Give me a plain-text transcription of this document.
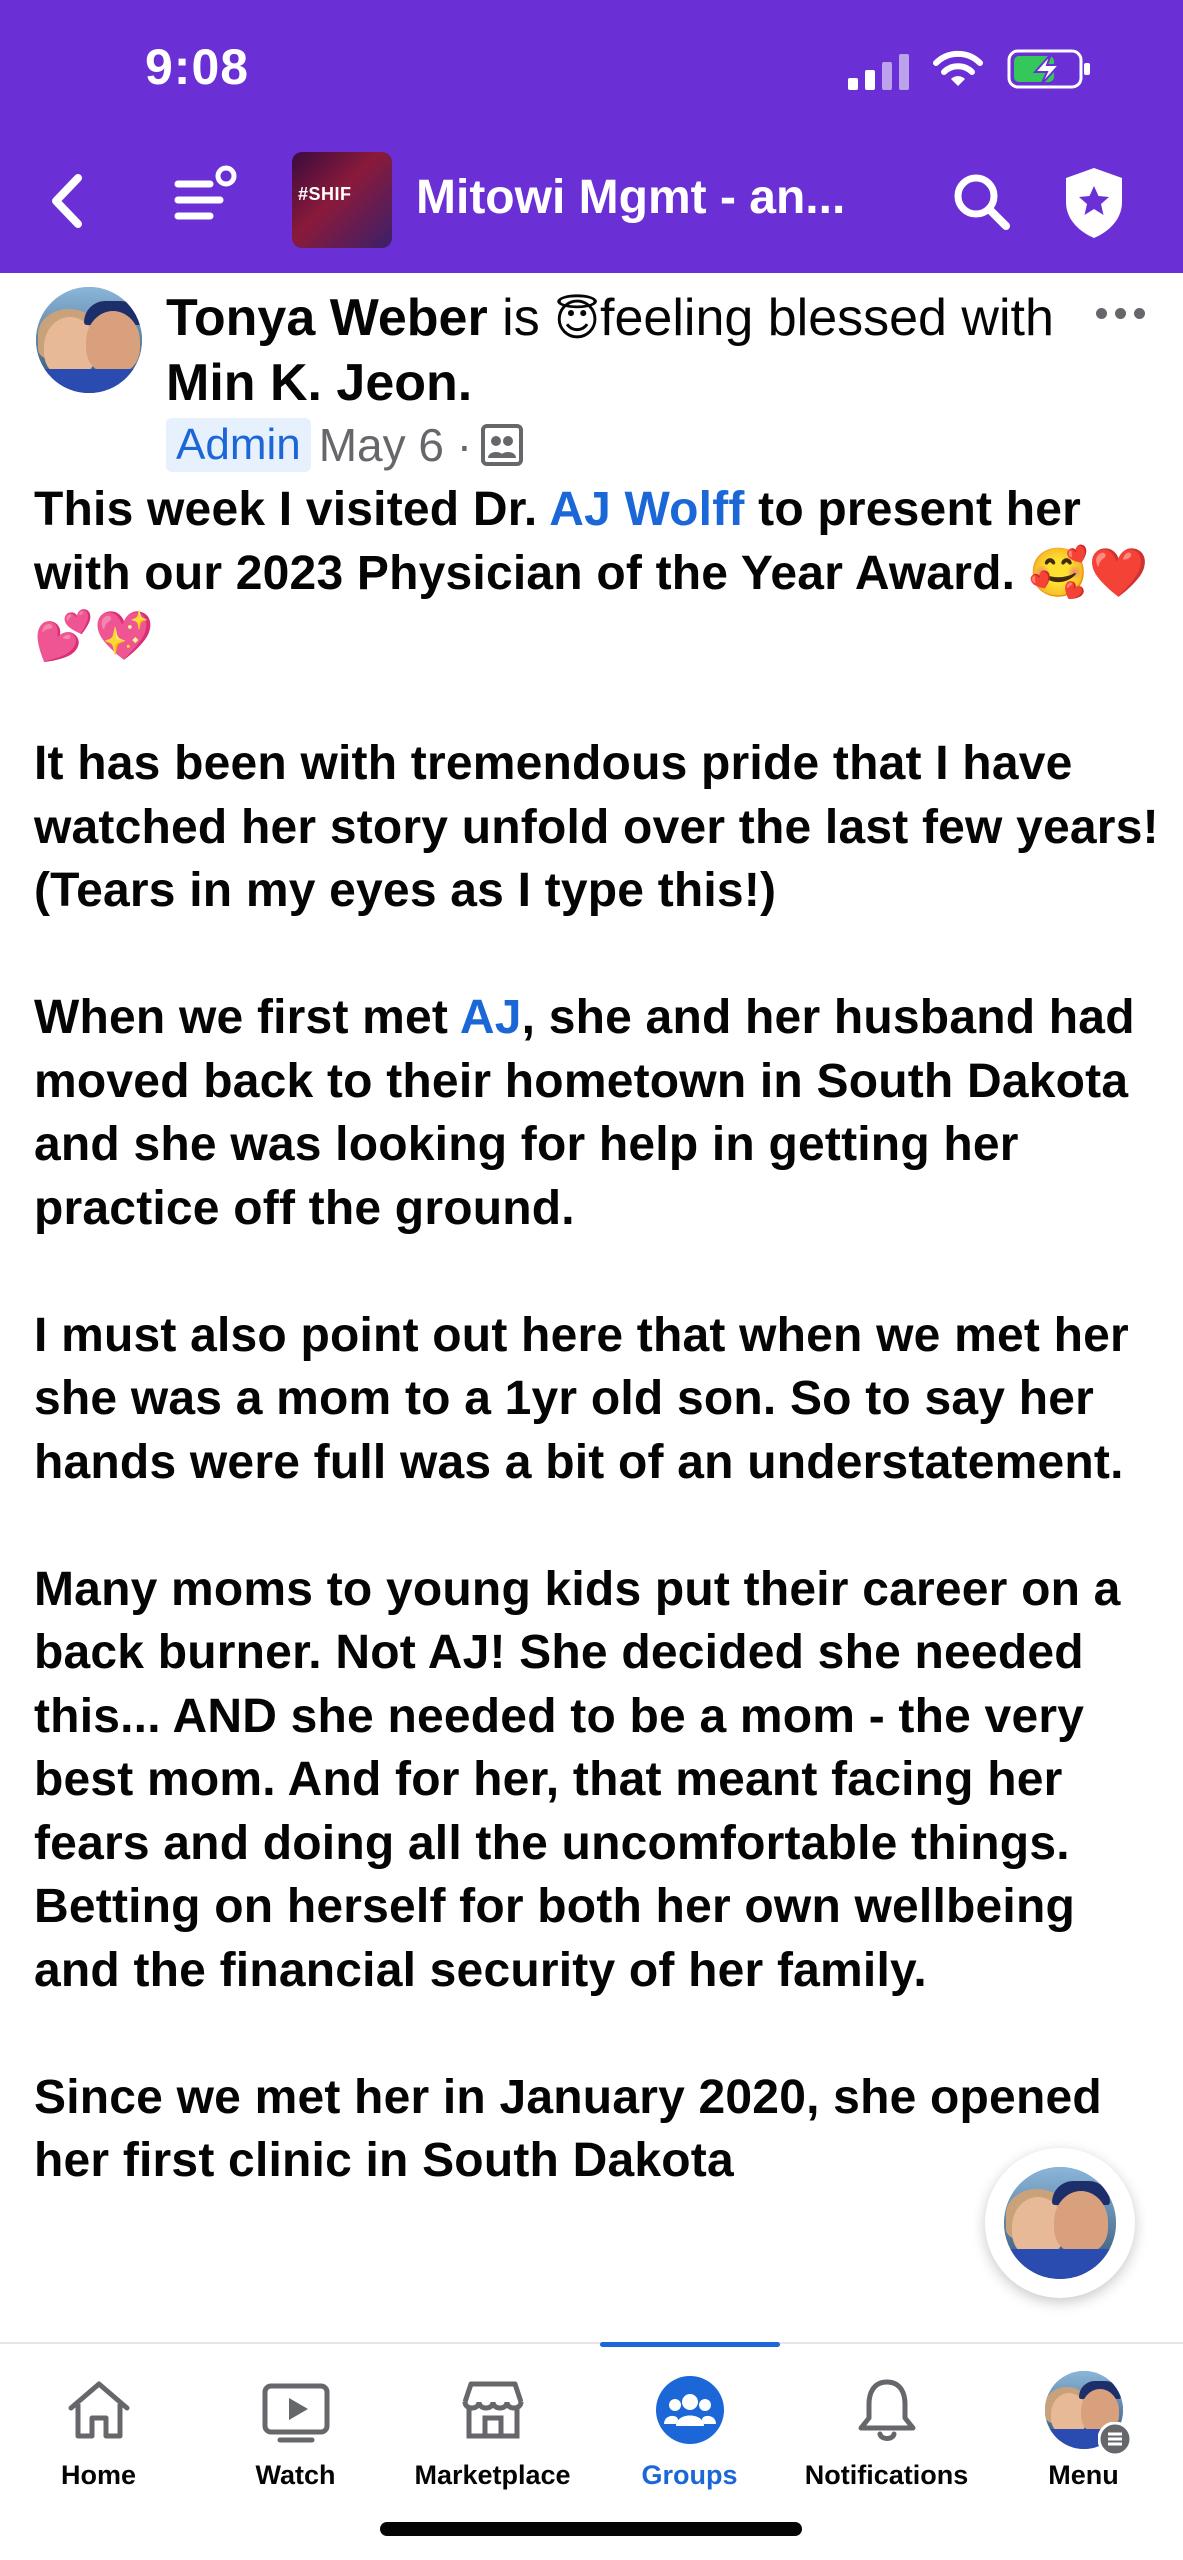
9:08
#SHIF Mitowi Mgmt - an...
Tonya Weber is 😇feeling blessed with Min K. Jeon.
Admin May 6 ·

This week I visited Dr. AJ Wolff to present her with our 2023 Physician of the Year Award. 🥰❤️💕💖

It has been with tremendous pride that I have watched her story unfold over the last few years! (Tears in my eyes as I type this!)

When we first met AJ, she and her husband had moved back to their hometown in South Dakota and she was looking for help in getting her practice off the ground.

I must also point out here that when we met her she was a mom to a 1yr old son. So to say her hands were full was a bit of an understatement.

Many moms to young kids put their career on a back burner. Not AJ! She decided she needed this... AND she needed to be a mom - the very best mom. And for her, that meant facing her fears and doing all the uncomfortable things. Betting on herself for both her own wellbeing and the financial security of her family.

Since we met her in January 2020, she opened her first clinic in South Dakota

Home	Watch	Marketplace	Groups Notifications	Menu
